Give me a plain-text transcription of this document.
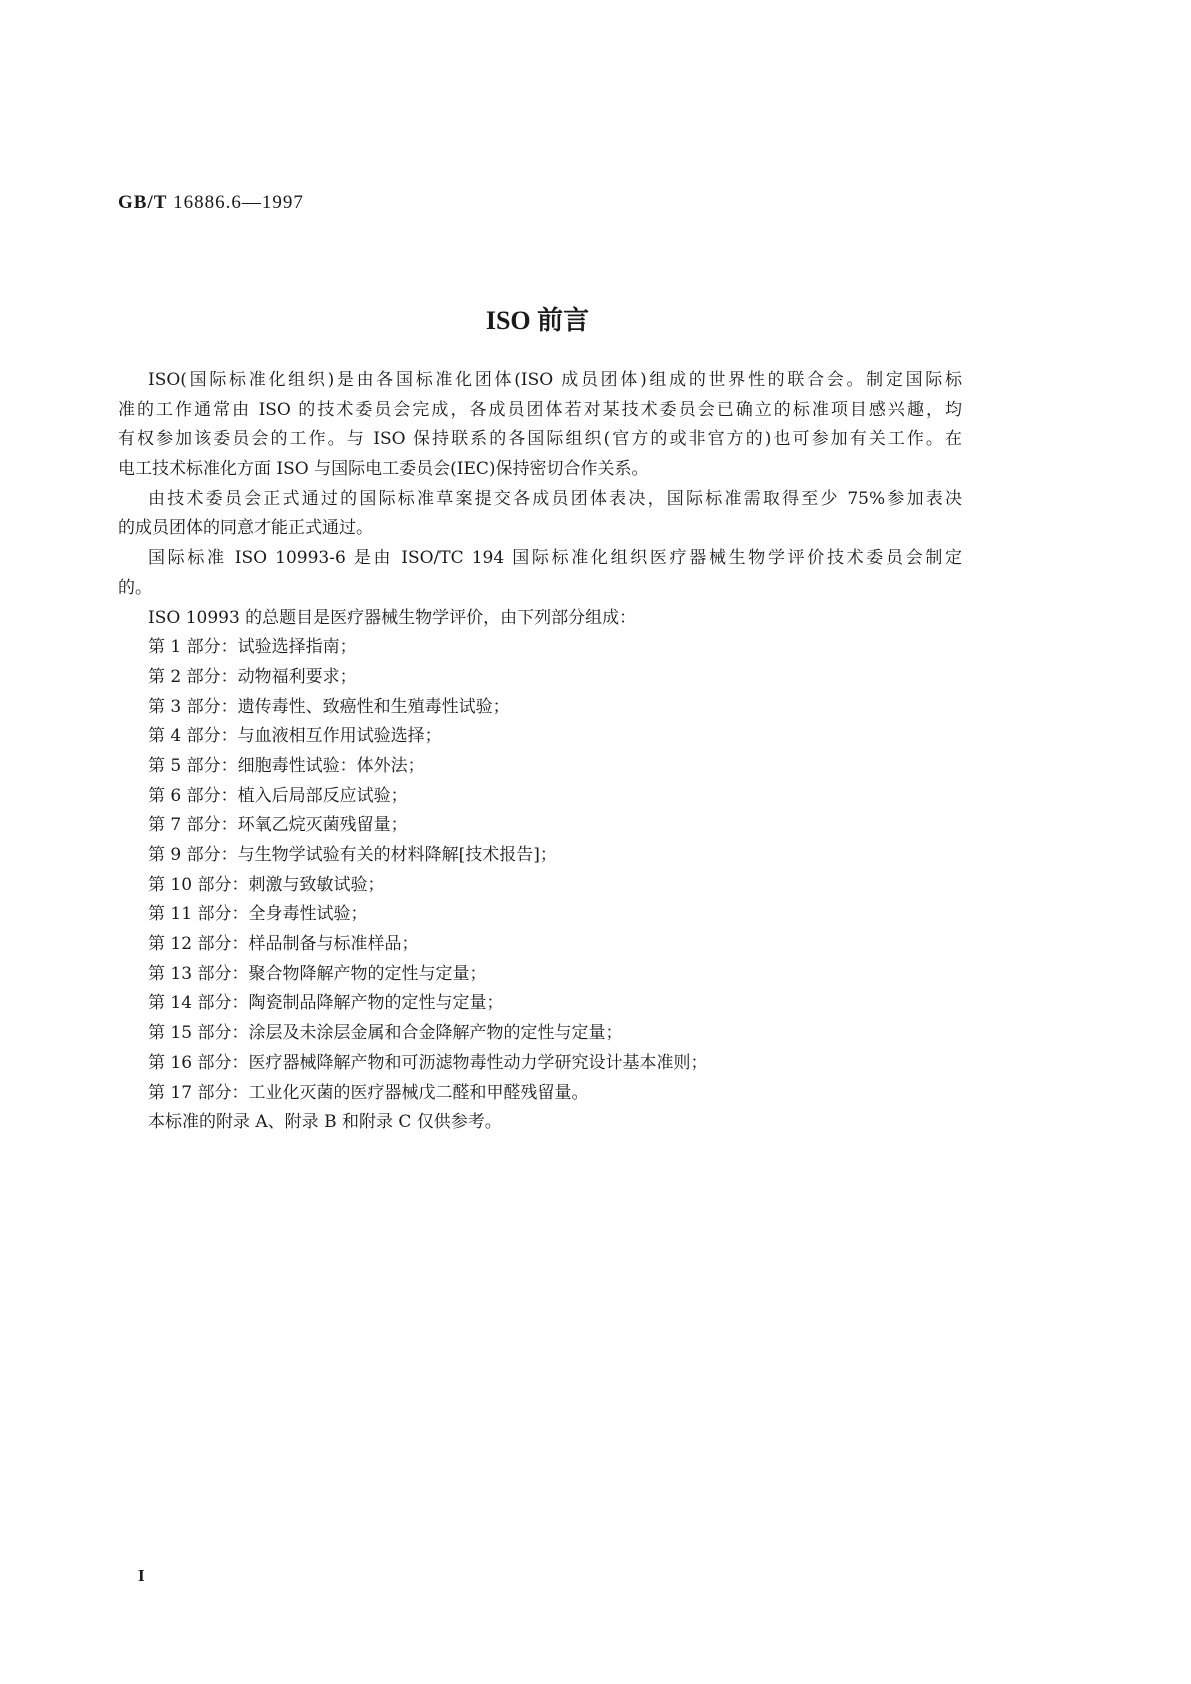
GB/T 16886.6—1997
ISO 前言
ISO(国际标准化组织)是由各国标准化团体(ISO 成员团体)组成的世界性的联合会。制定国际标
准的工作通常由 ISO 的技术委员会完成，各成员团体若对某技术委员会已确立的标准项目感兴趣，均
有权参加该委员会的工作。与 ISO 保持联系的各国际组织(官方的或非官方的)也可参加有关工作。在
电工技术标准化方面 ISO 与国际电工委员会(IEC)保持密切合作关系。
由技术委员会正式通过的国际标准草案提交各成员团体表决，国际标准需取得至少 75%参加表决
的成员团体的同意才能正式通过。
国际标准 ISO 10993-6 是由 ISO/TC 194 国际标准化组织医疗器械生物学评价技术委员会制定
的。
ISO 10993 的总题目是医疗器械生物学评价，由下列部分组成：
第 1 部分：试验选择指南；
第 2 部分：动物福利要求；
第 3 部分：遗传毒性、致癌性和生殖毒性试验；
第 4 部分：与血液相互作用试验选择；
第 5 部分：细胞毒性试验：体外法；
第 6 部分：植入后局部反应试验；
第 7 部分：环氧乙烷灭菌残留量；
第 9 部分：与生物学试验有关的材料降解[技术报告]；
第 10 部分：刺激与致敏试验；
第 11 部分：全身毒性试验；
第 12 部分：样品制备与标准样品；
第 13 部分：聚合物降解产物的定性与定量；
第 14 部分：陶瓷制品降解产物的定性与定量；
第 15 部分：涂层及未涂层金属和合金降解产物的定性与定量；
第 16 部分：医疗器械降解产物和可沥滤物毒性动力学研究设计基本准则；
第 17 部分：工业化灭菌的医疗器械戊二醛和甲醛残留量。
本标准的附录 A、附录 B 和附录 C 仅供参考。
I
